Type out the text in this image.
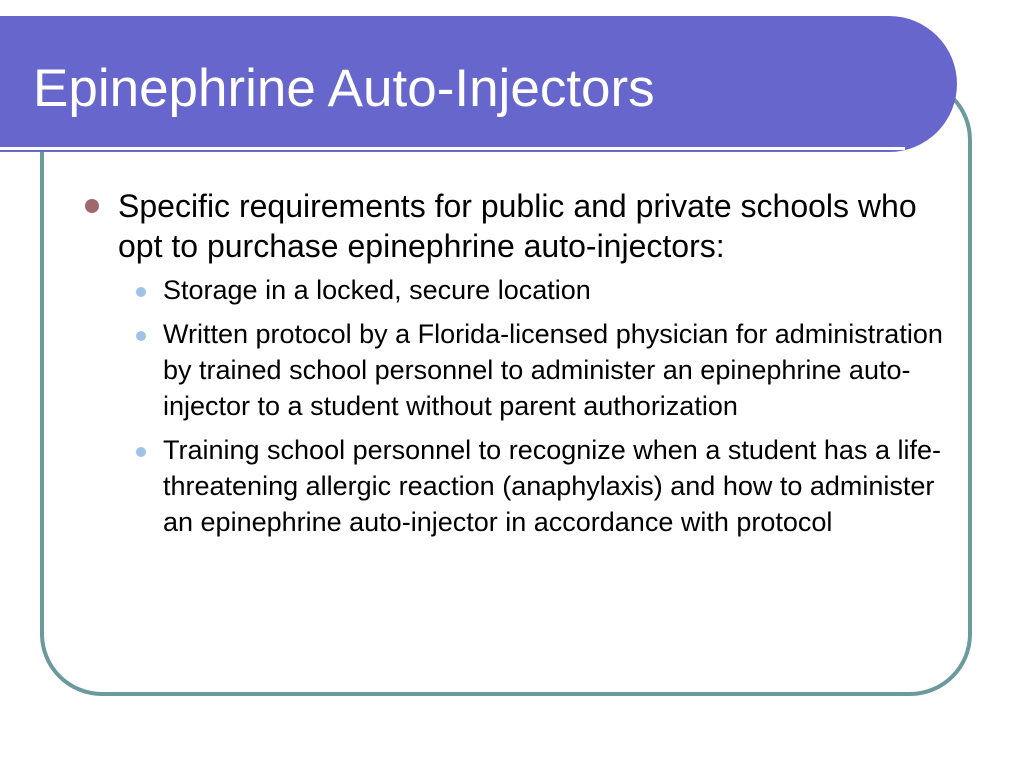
Epinephrine Auto-Injectors
Specific requirements for public and private schools who opt to purchase epinephrine auto-injectors:
Storage in a locked, secure location
Written protocol by a Florida-licensed physician for administration by trained school personnel to administer an epinephrine auto-injector to a student without parent authorization
Training school personnel to recognize when a student has a life-threatening allergic reaction (anaphylaxis) and how to administer an epinephrine auto-injector in accordance with protocol
